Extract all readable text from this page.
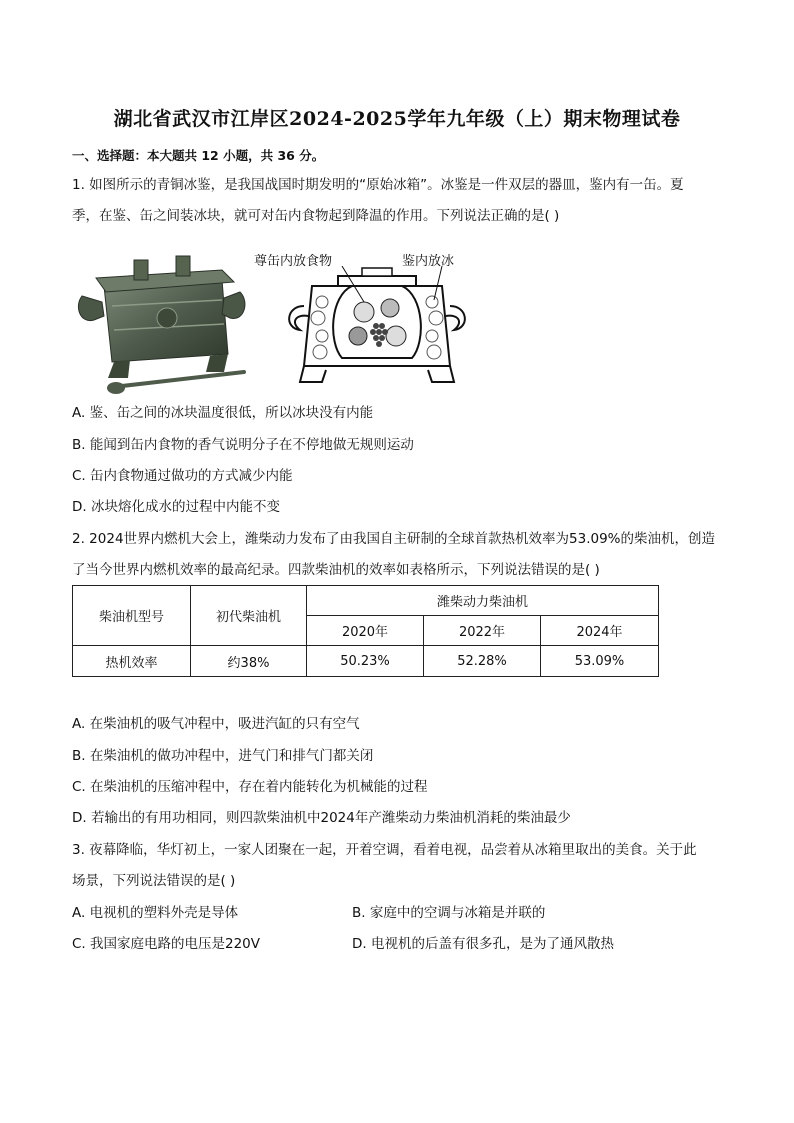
湖北省武汉市江岸区2024-2025学年九年级（上）期末物理试卷
一、选择题：本大题共 12 小题，共 36 分。
1. 如图所示的青铜冰鉴，是我国战国时期发明的“原始冰箱”。冰鉴是一件双层的器皿，鉴内有一缶。夏
季，在鉴、缶之间装冰块，就可对缶内食物起到降温的作用。下列说法正确的是( )
尊缶内放食物	鉴内放冰
A. 鉴、缶之间的冰块温度很低，所以冰块没有内能
B. 能闻到缶内食物的香气说明分子在不停地做无规则运动
C. 缶内食物通过做功的方式减少内能
D. 冰块熔化成水的过程中内能不变
2. 2024世界内燃机大会上，潍柴动力发布了由我国自主研制的全球首款热机效率为53.09%的柴油机，创造
了当今世界内燃机效率的最高纪录。四款柴油机的效率如表格所示，下列说法错误的是( )
柴油机型号	初代柴油机	潍柴动力柴油机		
		2020年	2022年	2024年
热机效率	约38%	50.23%	52.28%	53.09%
A. 在柴油机的吸气冲程中，吸进汽缸的只有空气
B. 在柴油机的做功冲程中，进气门和排气门都关闭
C. 在柴油机的压缩冲程中，存在着内能转化为机械能的过程
D. 若输出的有用功相同，则四款柴油机中2024年产潍柴动力柴油机消耗的柴油最少
3. 夜幕降临，华灯初上，一家人团聚在一起，开着空调，看着电视，品尝着从冰箱里取出的美食。关于此
场景，下列说法错误的是( )
A. 电视机的塑料外壳是导体	B. 家庭中的空调与冰箱是并联的
C. 我国家庭电路的电压是220V	D. 电视机的后盖有很多孔，是为了通风散热
